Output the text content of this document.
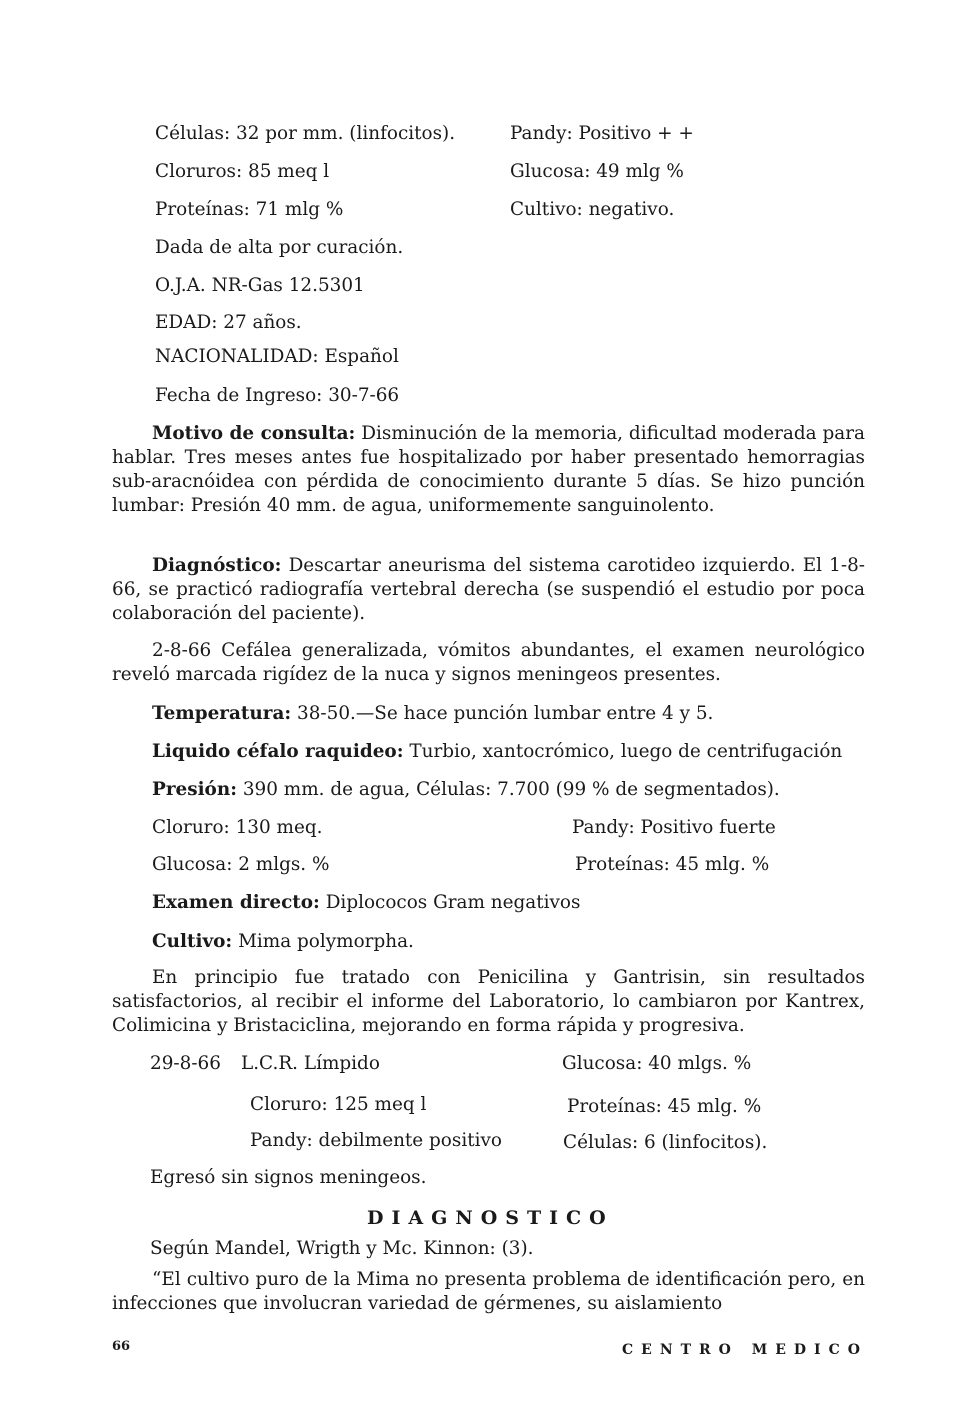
Células: 32 por mm. (linfocitos).	Pandy: Positivo + +
Cloruros: 85 meq l	Glucosa: 49 mlg %
Proteínas: 71 mlg %	Cultivo: negativo.
Dada de alta por curación.
O.J.A. NR-Gas 12.5301
EDAD: 27 años.
NACIONALIDAD: Español
Fecha de Ingreso: 30-7-66

Motivo de consulta: Disminución de la memoria, dificultad moderada para hablar. Tres meses antes fue hospitalizado por haber presentado hemorragias sub-aracnóidea con pérdida de conocimiento durante 5 días. Se hizo punción lumbar: Presión 40 mm. de agua, uniformemente sanguinolento.

Diagnóstico: Descartar aneurisma del sistema carotideo izquierdo. El 1-8-66, se practicó radiografía vertebral derecha (se suspendió el estudio por poca colaboración del paciente).

2-8-66 Cefálea generalizada, vómitos abundantes, el examen neurológico reveló marcada rigídez de la nuca y signos meningeos presentes.

Temperatura: 38-50.—Se hace punción lumbar entre 4 y 5.
Liquido céfalo raquideo: Turbio, xantocrómico, luego de centrifugación
Presión: 390 mm. de agua, Células: 7.700 (99 % de segmentados).
Cloruro: 130 meq.	Pandy: Positivo fuerte
Glucosa: 2 mlgs. %	Proteínas: 45 mlg. %
Examen directo: Diplococos Gram negativos
Cultivo: Mima polymorpha.

En principio fue tratado con Penicilina y Gantrisin, sin resultados satisfactorios, al recibir el informe del Laboratorio, lo cambiaron por Kantrex, Colimicina y Bristaciclina, mejorando en forma rápida y progresiva.

29-8-66 L.C.R. Límpido	Glucosa: 40 mlgs. %
Cloruro: 125 meq l	Proteínas: 45 mlg. %
Pandy: debilmente positivo	Células: 6 (linfocitos).
Egresó sin signos meningeos.
DIAGNOSTICO
Según Mandel, Wrigth y Mc. Kinnon: (3).

“El cultivo puro de la Mima no presenta problema de identificación pero, en infecciones que involucran variedad de gérmenes, su aislamiento

66	CENTRO MEDICO
